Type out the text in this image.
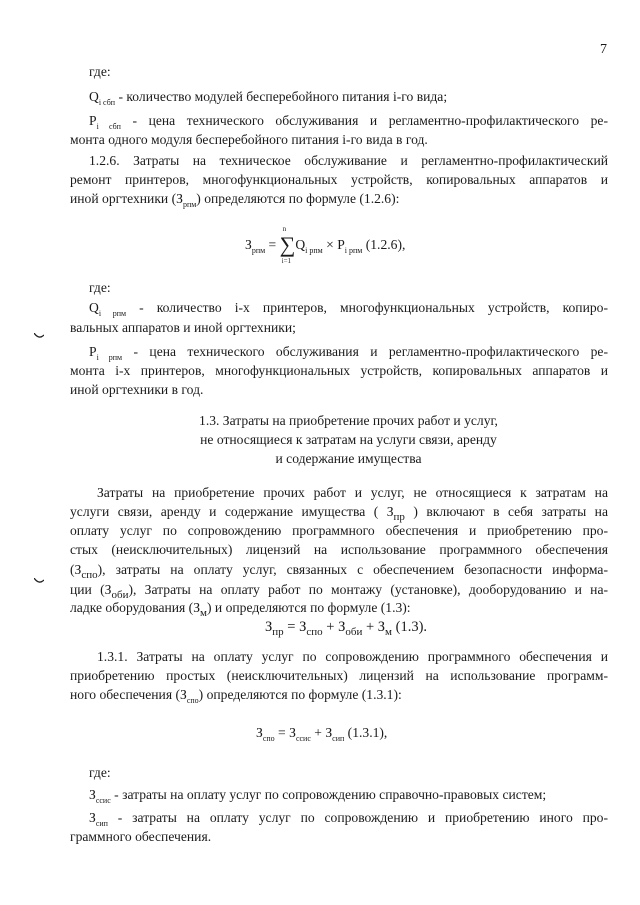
7
где:
$Q_{i сбп}$ - количество модулей бесперебойного питания i-го вида;
$P_{i сбп}$ - цена технического обслуживания и регламентно-профилактического ре-
монта одного модуля бесперебойного питания i-го вида в год.
1.2.6. Затраты на техническое обслуживание и регламентно-профилактический
ремонт принтеров, многофункциональных устройств, копировальных аппаратов и
иной оргтехники $(З_{рпм})$ определяются по формуле (1.2.6):
$З_{рпм}$ =
n
∑
i=1
$Q_{i рпм} \times P_{i рпм}$ (1.2.6),
где:
$Q_{i рпм}$ - количество i-х принтеров, многофункциональных устройств, копиро-
вальных аппаратов и иной оргтехники;
$P_{i рпм}$ - цена технического обслуживания и регламентно-профилактического ре-
монта i-х принтеров, многофункциональных устройств, копировальных аппаратов и
иной оргтехники в год.
1.3. Затраты на приобретение прочих работ и услуг,
не относящиеся к затратам на услуги связи, аренду
и содержание имущества
Затраты на приобретение прочих работ и услуг, не относящиеся к затратам на
услуги связи, аренду и содержание имущества ( $З_{пр}$ ) включают в себя затраты на
оплату услуг по сопровождению программного обеспечения и приобретению про-
стых (неисключительных) лицензий на использование программного обеспечения
$(З_{спо})$, затраты на оплату услуг, связанных с обеспечением безопасности информа-
ции $(З_{оби})$, Затраты на оплату работ по монтажу (установке), дооборудованию и на-
ладке оборудования $(З_м)$ и определяются по формуле (1.3):
$З_{пр} = З_{спо} + З_{оби} + З_м$ (1.3).
1.3.1. Затраты на оплату услуг по сопровождению программного обеспечения и
приобретению простых (неисключительных) лицензий на использование программ-
ного обеспечения $(З_{спо})$ определяются по формуле (1.3.1):
$З_{спо} = З_{ссис} + З_{сип}$ (1.3.1),
где:
$З_{ссис}$ - затраты на оплату услуг по сопровождению справочно-правовых систем;
$З_{сип}$ - затраты на оплату услуг по сопровождению и приобретению иного про-
граммного обеспечения.
